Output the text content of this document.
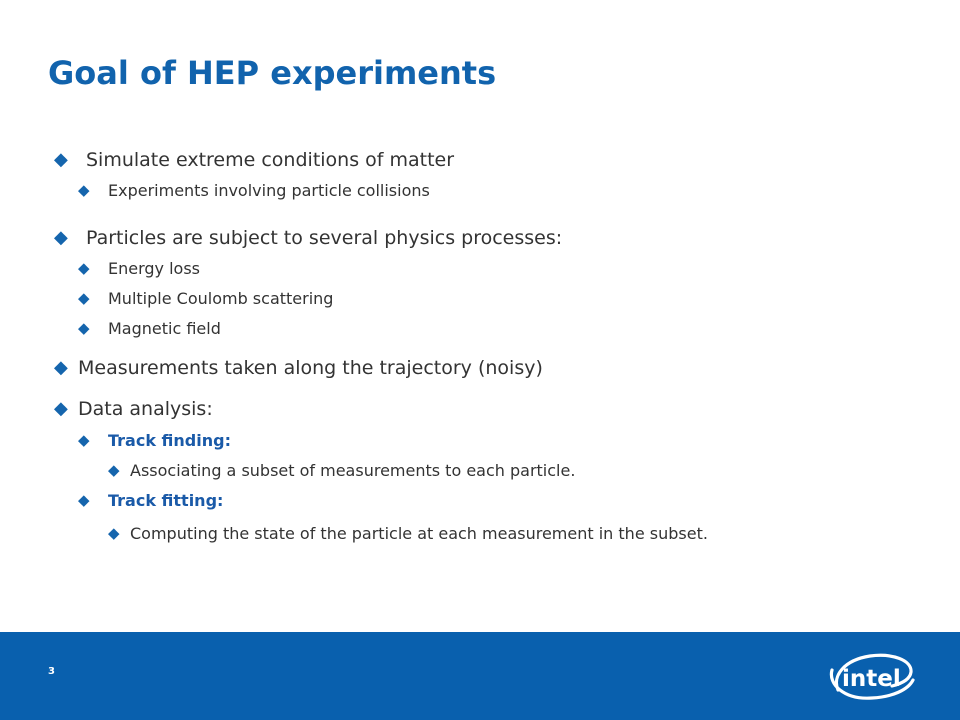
Goal of HEP experiments
◆ Simulate extreme conditions of matter
◆ Experiments involving particle collisions
◆ Particles are subject to several physics processes:
◆ Energy loss
◆ Multiple Coulomb scattering
◆ Magnetic field
◆ Measurements taken along the trajectory (noisy)
◆ Data analysis:
◆ Track finding:
◆ Associating a subset of measurements to each particle.
◆ Track fitting:
◆ Computing the state of the particle at each measurement in the subset.
3	intel
